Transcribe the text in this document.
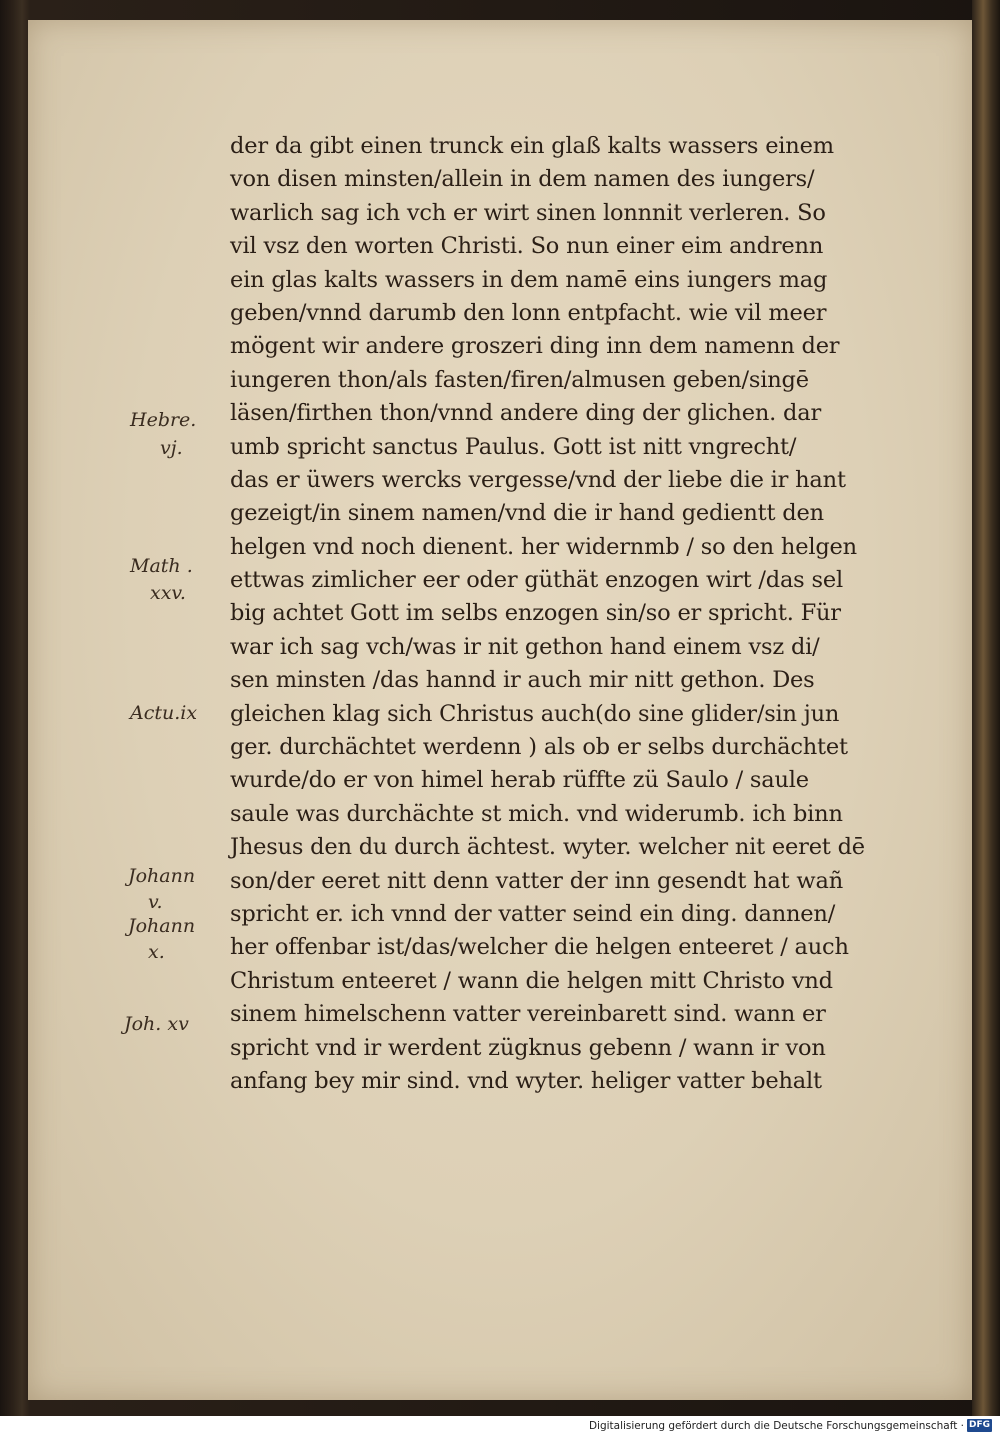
der da gibt einen trunck ein glaß kalts wassers einem
von disen minsten/allein in dem namen des iungers/
warlich sag ich vch er wirt sinen lonnnit verleren. So
vil vsz den worten Christi. So nun einer eim andrenn
ein glas kalts wassers in dem namē eins iungers mag
geben/vnnd darumb den lonn entpfacht. wie vil meer
mögent wir andere groszeri ding inn dem namenn der
iungeren thon/als fasten/firen/almusen geben/singē
läsen/firthen thon/vnnd andere ding der glichen. dar
umb spricht sanctus Paulus. Gott ist nitt vngrecht/
das er üwers wercks vergesse/vnd der liebe die ir hant
gezeigt/in sinem namen/vnd die ir hand gedientt den
helgen vnd noch dienent. her widernmb / so den helgen
ettwas zimlicher eer oder güthät enzogen wirt /das sel
big achtet Gott im selbs enzogen sin/so er spricht. Für
war ich sag vch/was ir nit gethon hand einem vsz di/
sen minsten /das hannd ir auch mir nitt gethon. Des
gleichen klag sich Christus auch(do sine glider/sin jun
ger. durchächtet werdenn ) als ob er selbs durchächtet
wurde/do er von himel herab rüffte zü Saulo / saule
saule was durchächte st mich. vnd widerumb. ich binn
Jhesus den du durch ächtest. wyter. welcher nit eeret dē
son/der eeret nitt denn vatter der inn gesendt hat wañ
spricht er. ich vnnd der vatter seind ein ding. dannen/
her offenbar ist/das/welcher die helgen entеeret / auch
Christum enteeret / wann die helgen mitt Christo vnd
sinem himelschenn vatter vereinbarett sind. wann er
spricht vnd ir werdent zügknus gebenn / wann ir von
anfang bey mir sind. vnd wyter. heliger vatter behalt
Hebre.
vj.
Math .
xxv.
Actu.ix
Johann
v.
Johann
x.
Joh. xv
Digitalisierung gefördert durch die Deutsche Forschungsgemeinschaft · DFG
